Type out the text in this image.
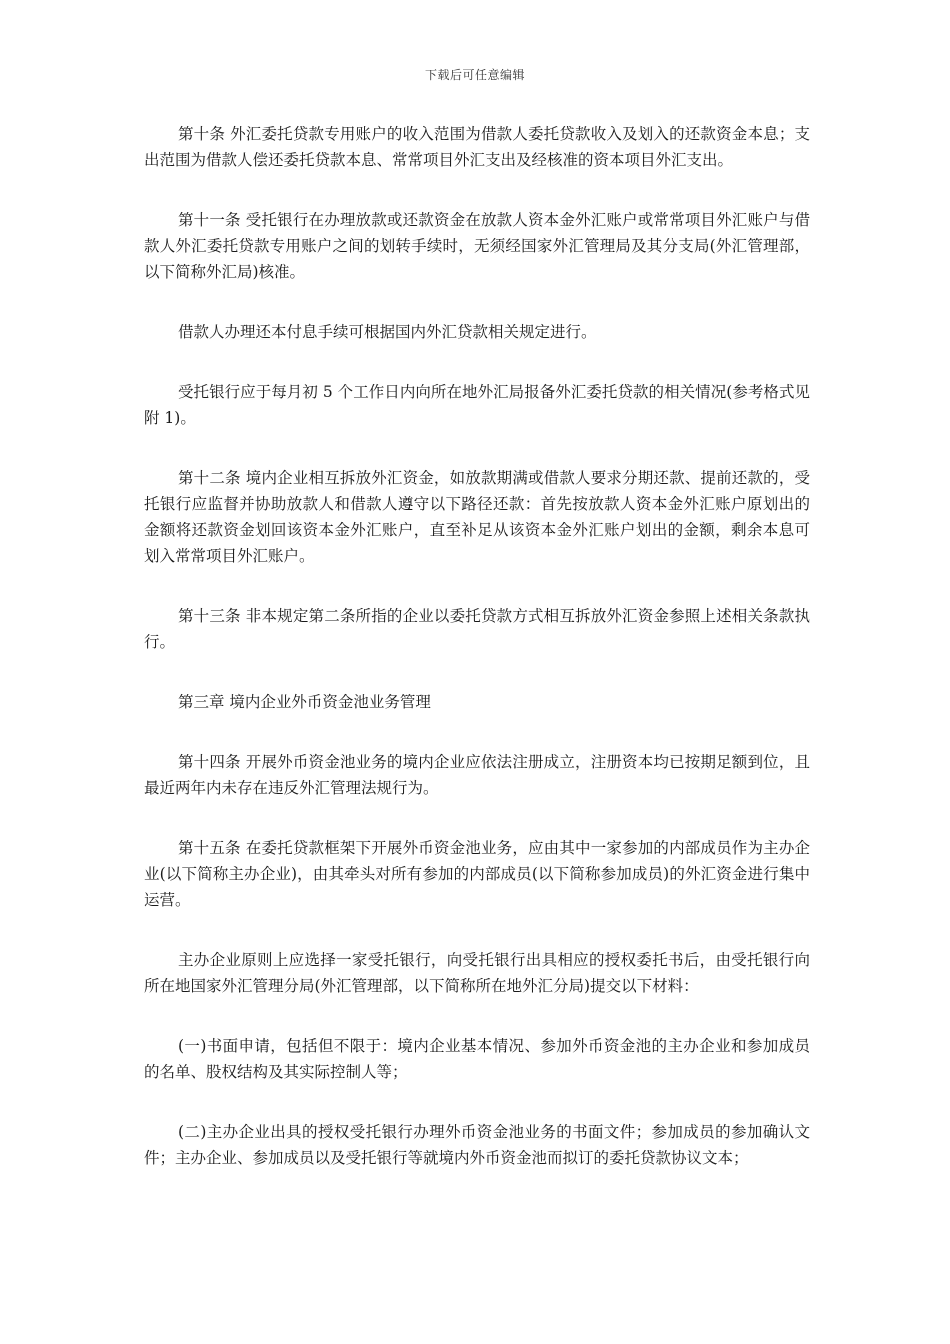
下载后可任意编辑

第十条 外汇委托贷款专用账户的收入范围为借款人委托贷款收入及划入的还款资金本息；支出范围为借款人偿还委托贷款本息、常常项目外汇支出及经核准的资本项目外汇支出。

第十一条 受托银行在办理放款或还款资金在放款人资本金外汇账户或常常项目外汇账户与借款人外汇委托贷款专用账户之间的划转手续时，无须经国家外汇管理局及其分支局(外汇管理部，以下简称外汇局)核准。

借款人办理还本付息手续可根据国内外汇贷款相关规定进行。

受托银行应于每月初 5 个工作日内向所在地外汇局报备外汇委托贷款的相关情况(参考格式见附 1)。

第十二条 境内企业相互拆放外汇资金，如放款期满或借款人要求分期还款、提前还款的，受托银行应监督并协助放款人和借款人遵守以下路径还款：首先按放款人资本金外汇账户原划出的金额将还款资金划回该资本金外汇账户，直至补足从该资本金外汇账户划出的金额，剩余本息可划入常常项目外汇账户。

第十三条 非本规定第二条所指的企业以委托贷款方式相互拆放外汇资金参照上述相关条款执行。

第三章 境内企业外币资金池业务管理

第十四条 开展外币资金池业务的境内企业应依法注册成立，注册资本均已按期足额到位，且最近两年内未存在违反外汇管理法规行为。

第十五条 在委托贷款框架下开展外币资金池业务，应由其中一家参加的内部成员作为主办企业(以下简称主办企业)，由其牵头对所有参加的内部成员(以下简称参加成员)的外汇资金进行集中运营。

主办企业原则上应选择一家受托银行，向受托银行出具相应的授权委托书后，由受托银行向所在地国家外汇管理分局(外汇管理部，以下简称所在地外汇分局)提交以下材料：

(一)书面申请，包括但不限于：境内企业基本情况、参加外币资金池的主办企业和参加成员的名单、股权结构及其实际控制人等；

(二)主办企业出具的授权受托银行办理外币资金池业务的书面文件；参加成员的参加确认文件；主办企业、参加成员以及受托银行等就境内外币资金池而拟订的委托贷款协议文本；
